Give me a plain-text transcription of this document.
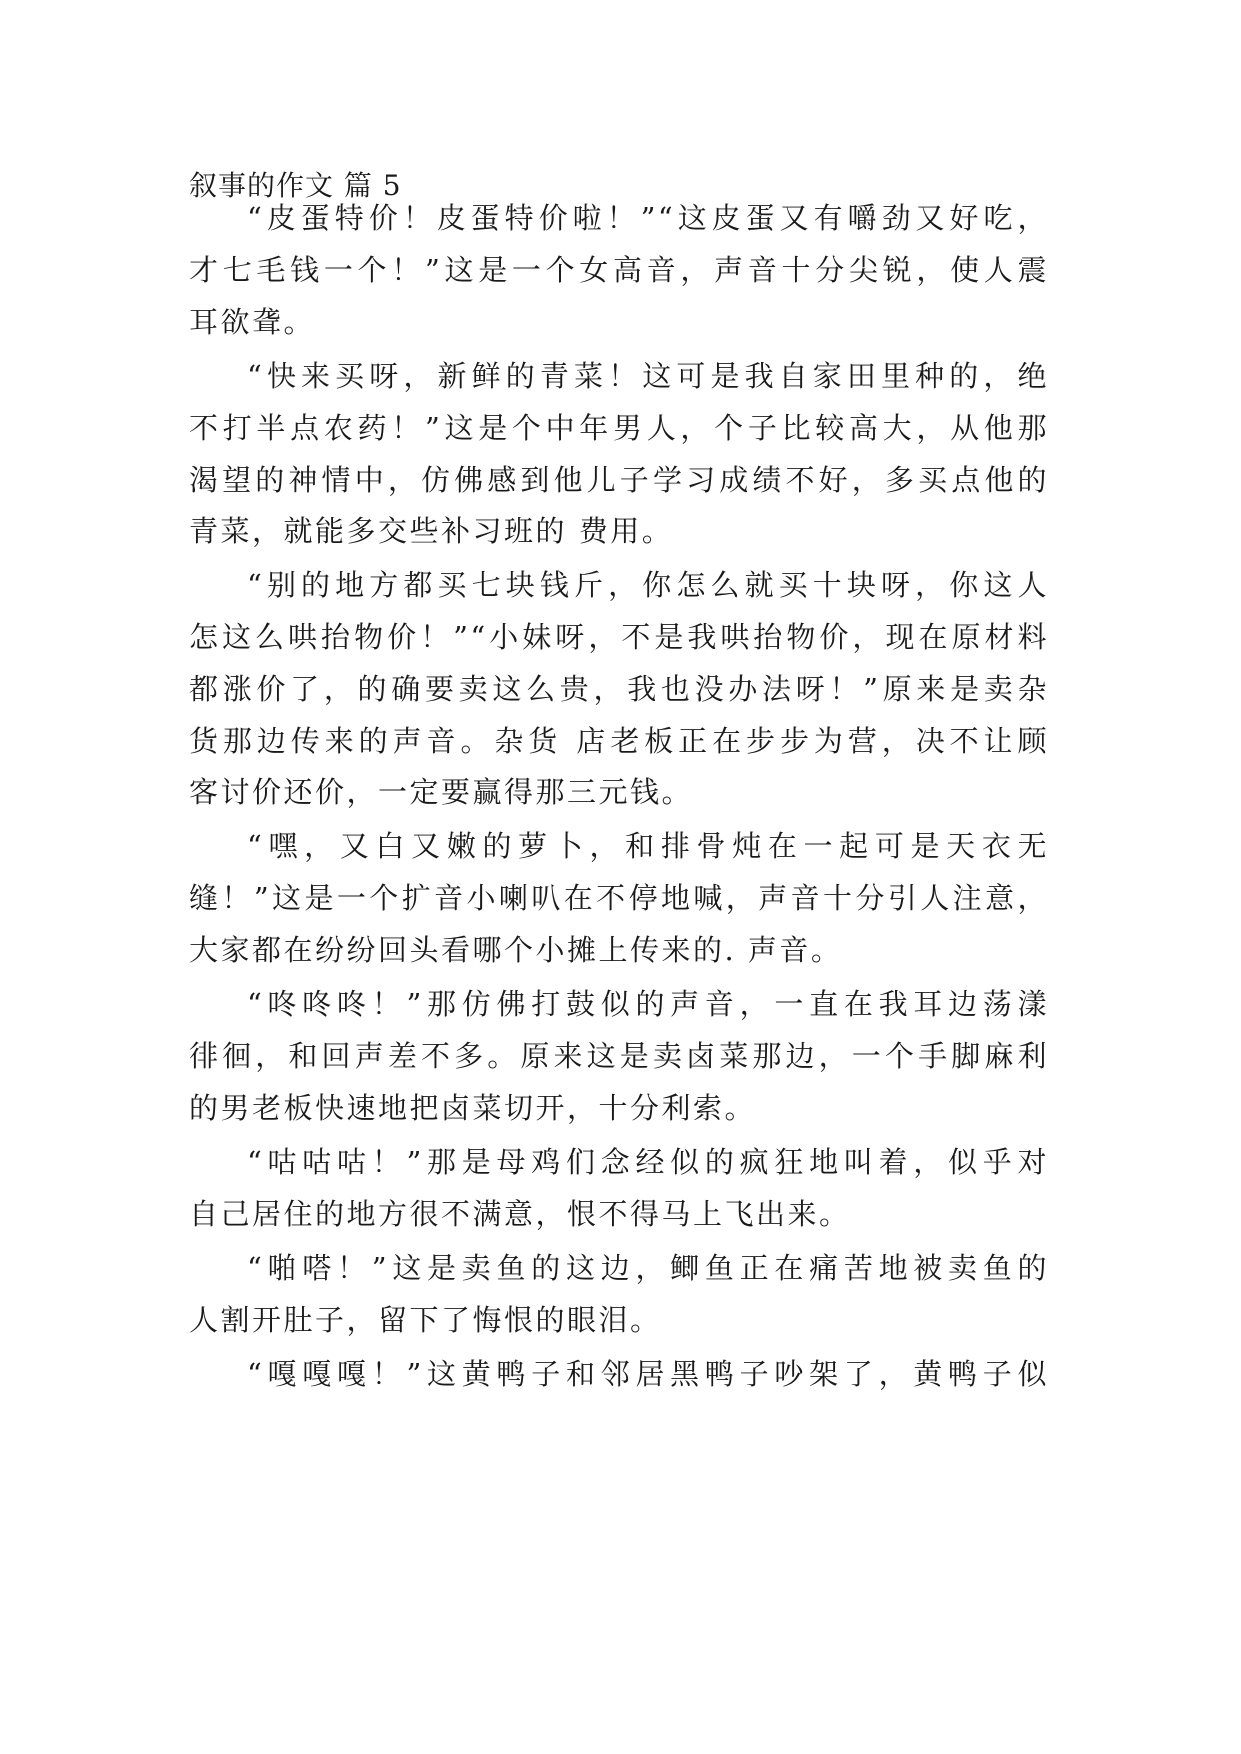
叙事的作文 篇 5
“皮蛋特价！皮蛋特价啦！”“这皮蛋又有嚼劲又好吃，
才七毛钱一个！”这是一个女高音，声音十分尖锐，使人震
耳欲聋。
“快来买呀，新鲜的青菜！这可是我自家田里种的，绝
不打半点农药！”这是个中年男人，个子比较高大，从他那
渴望的神情中，仿佛感到他儿子学习成绩不好，多买点他的
青菜，就能多交些补习班的 费用。
“别的地方都买七块钱斤，你怎么就买十块呀，你这人
怎这么哄抬物价！”“小妹呀，不是我哄抬物价，现在原材料
都涨价了，的确要卖这么贵，我也没办法呀！”原来是卖杂
货那边传来的声音。杂货 店老板正在步步为营，决不让顾
客讨价还价，一定要赢得那三元钱。
“嘿，又白又嫩的萝卜，和排骨炖在一起可是天衣无
缝！”这是一个扩音小喇叭在不停地喊，声音十分引人注意，
大家都在纷纷回头看哪个小摊上传来的. 声音。
“咚咚咚！”那仿佛打鼓似的声音，一直在我耳边荡漾
徘徊，和回声差不多。原来这是卖卤菜那边，一个手脚麻利
的男老板快速地把卤菜切开，十分利索。
“咕咕咕！”那是母鸡们念经似的疯狂地叫着，似乎对
自己居住的地方很不满意，恨不得马上飞出来。
“啪嗒！”这是卖鱼的这边，鲫鱼正在痛苦地被卖鱼的
人割开肚子，留下了悔恨的眼泪。
“嘎嘎嘎！”这黄鸭子和邻居黑鸭子吵架了，黄鸭子似
